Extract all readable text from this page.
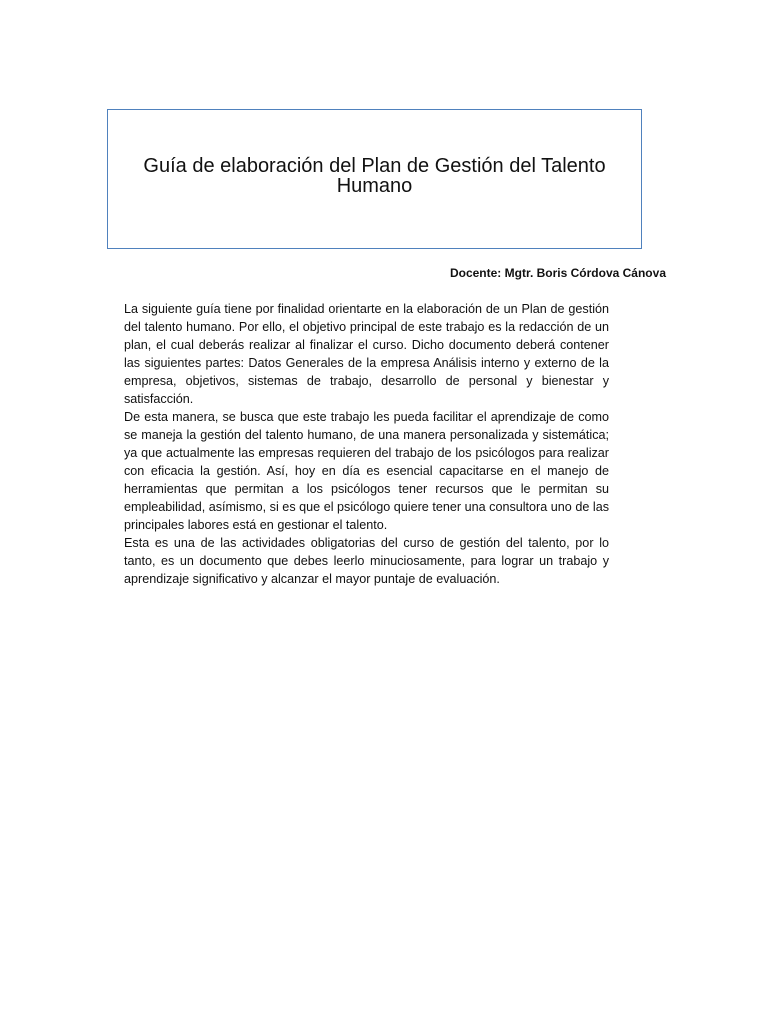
Guía de elaboración del Plan de Gestión del Talento
Humano
Docente: Mgtr. Boris Córdova Cánova

La siguiente guía tiene por finalidad orientarte en la elaboración de un Plan de gestión del talento humano. Por ello, el objetivo principal de este trabajo es la redacción de un plan, el cual deberás realizar al finalizar el curso. Dicho documento deberá contener las siguientes partes: Datos Generales de la empresa Análisis interno y externo de la empresa, objetivos, sistemas de trabajo, desarrollo de personal y bienestar y satisfacción.

De esta manera, se busca que este trabajo les pueda facilitar el aprendizaje de como se maneja la gestión del talento humano, de una manera personalizada y sistemática; ya que actualmente las empresas requieren del trabajo de los psicólogos para realizar con eficacia la gestión. Así, hoy en día es esencial capacitarse en el manejo de herramientas que permitan a los psicólogos tener recursos que le permitan su empleabilidad, asímismo, si es que el psicólogo quiere tener una consultora uno de las principales labores está en gestionar el talento.

Esta es una de las actividades obligatorias del curso de gestión del talento, por lo tanto, es un documento que debes leerlo minuciosamente, para lograr un trabajo y aprendizaje significativo y alcanzar el mayor puntaje de evaluación.
